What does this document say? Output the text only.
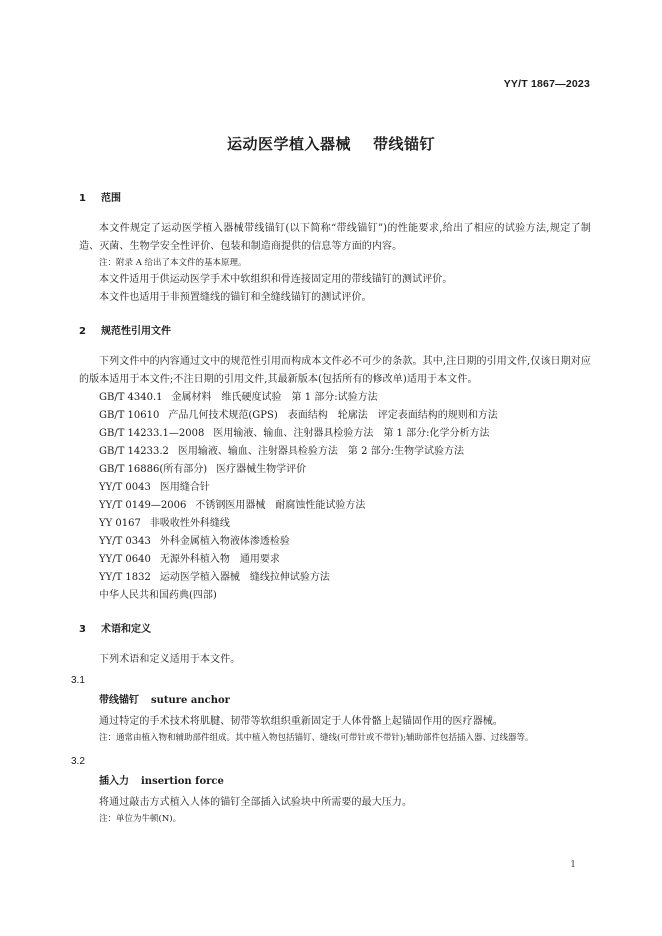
YY/T 1867—2023
运动医学植入器械 带线锚钉
1 范围
本文件规定了运动医学植入器械带线锚钉(以下简称“带线锚钉”)的性能要求,给出了相应的试验方法,规定了制造、灭菌、生物学安全性评价、包装和制造商提供的信息等方面的内容。
注：附录 A 给出了本文件的基本原理。
本文件适用于供运动医学手术中软组织和骨连接固定用的带线锚钉的测试评价。
本文件也适用于非预置缝线的锚钉和全缝线锚钉的测试评价。
2 规范性引用文件
下列文件中的内容通过文中的规范性引用而构成本文件必不可少的条款。其中,注日期的引用文件,仅该日期对应的版本适用于本文件;不注日期的引用文件,其最新版本(包括所有的修改单)适用于本文件。
GB/T 4340.1 金属材料　维氏硬度试验　第 1 部分:试验方法
GB/T 10610 产品几何技术规范(GPS)　表面结构　轮廓法　评定表面结构的规则和方法
GB/T 14233.1—2008 医用输液、输血、注射器具检验方法　第 1 部分:化学分析方法
GB/T 14233.2 医用输液、输血、注射器具检验方法　第 2 部分:生物学试验方法
GB/T 16886(所有部分) 医疗器械生物学评价
YY/T 0043 医用缝合针
YY/T 0149—2006 不锈钢医用器械　耐腐蚀性能试验方法
YY 0167 非吸收性外科缝线
YY/T 0343 外科金属植入物液体渗透检验
YY/T 0640 无源外科植入物　通用要求
YY/T 1832 运动医学植入器械　缝线拉伸试验方法
中华人民共和国药典(四部)
3 术语和定义
下列术语和定义适用于本文件。
3.1
带线锚钉 suture anchor
通过特定的手术技术将肌腱、韧带等软组织重新固定于人体骨骼上起锚固作用的医疗器械。
注：通常由植入物和辅助部件组成。其中植入物包括锚钉、缝线(可带针或不带针);辅助部件包括插入器、过线器等。
3.2
插入力 insertion force
将通过敲击方式植入人体的锚钉全部插入试验块中所需要的最大压力。
注：单位为牛顿(N)。
1
